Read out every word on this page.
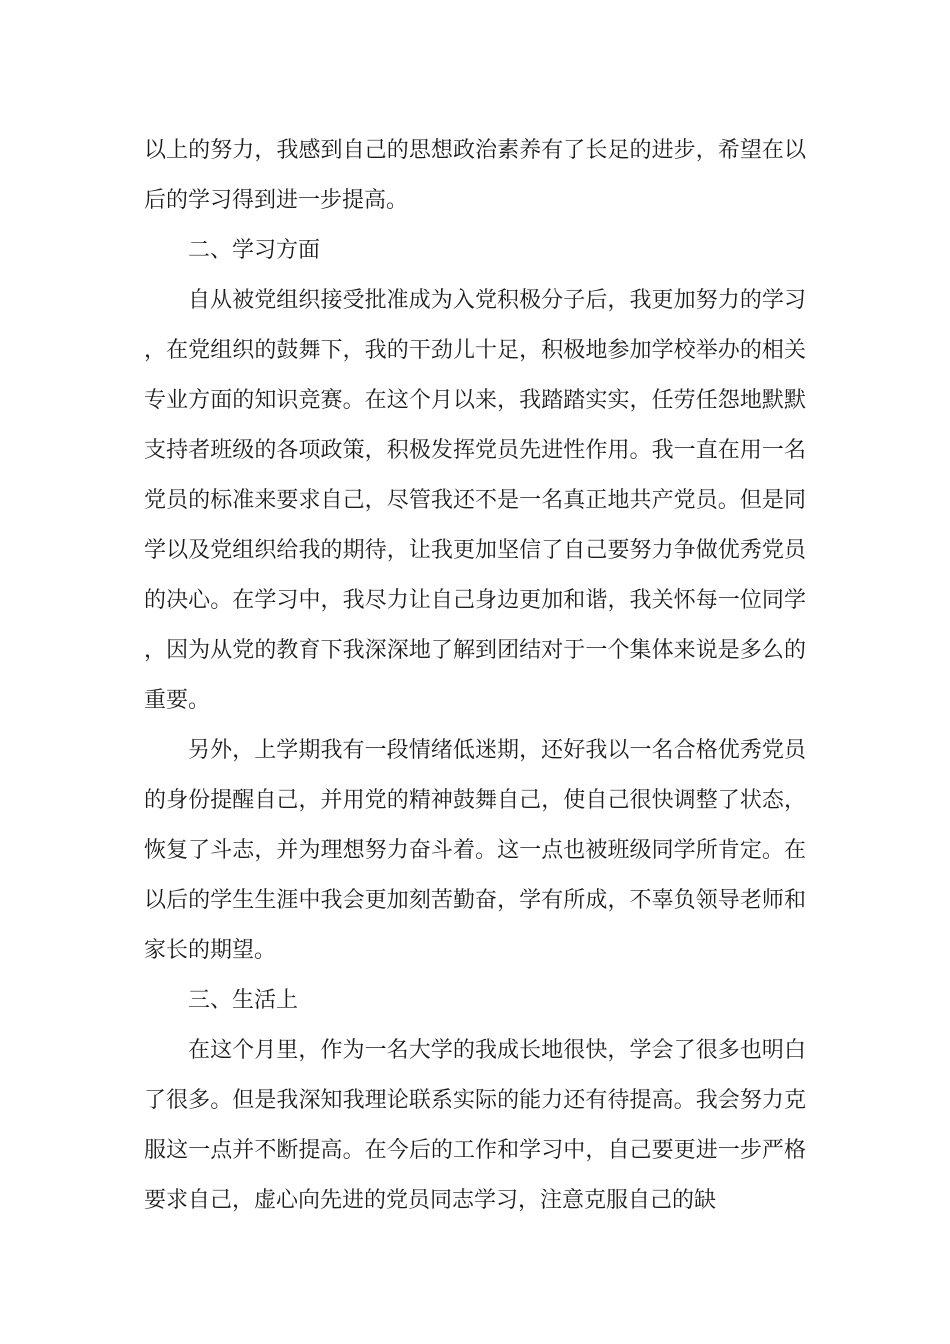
以上的努力，我感到自己的思想政治素养有了长足的进步，希望在以后的学习得到进一步提高。

二、学习方面

自从被党组织接受批准成为入党积极分子后，我更加努力的学习，在党组织的鼓舞下，我的干劲儿十足，积极地参加学校举办的相关专业方面的知识竞赛。在这个月以来，我踏踏实实，任劳任怨地默默支持者班级的各项政策，积极发挥党员先进性作用。我一直在用一名党员的标准来要求自己，尽管我还不是一名真正地共产党员。但是同学以及党组织给我的期待，让我更加坚信了自己要努力争做优秀党员的决心。在学习中，我尽力让自己身边更加和谐，我关怀每一位同学，因为从党的教育下我深深地了解到团结对于一个集体来说是多么的重要。

另外，上学期我有一段情绪低迷期，还好我以一名合格优秀党员的身份提醒自己，并用党的精神鼓舞自己，使自己很快调整了状态，恢复了斗志，并为理想努力奋斗着。这一点也被班级同学所肯定。在以后的学生生涯中我会更加刻苦勤奋，学有所成，不辜负领导老师和家长的期望。

三、生活上

在这个月里，作为一名大学的我成长地很快，学会了很多也明白了很多。但是我深知我理论联系实际的能力还有待提高。我会努力克服这一点并不断提高。在今后的工作和学习中，自己要更进一步严格要求自己，虚心向先进的党员同志学习，注意克服自己的缺
